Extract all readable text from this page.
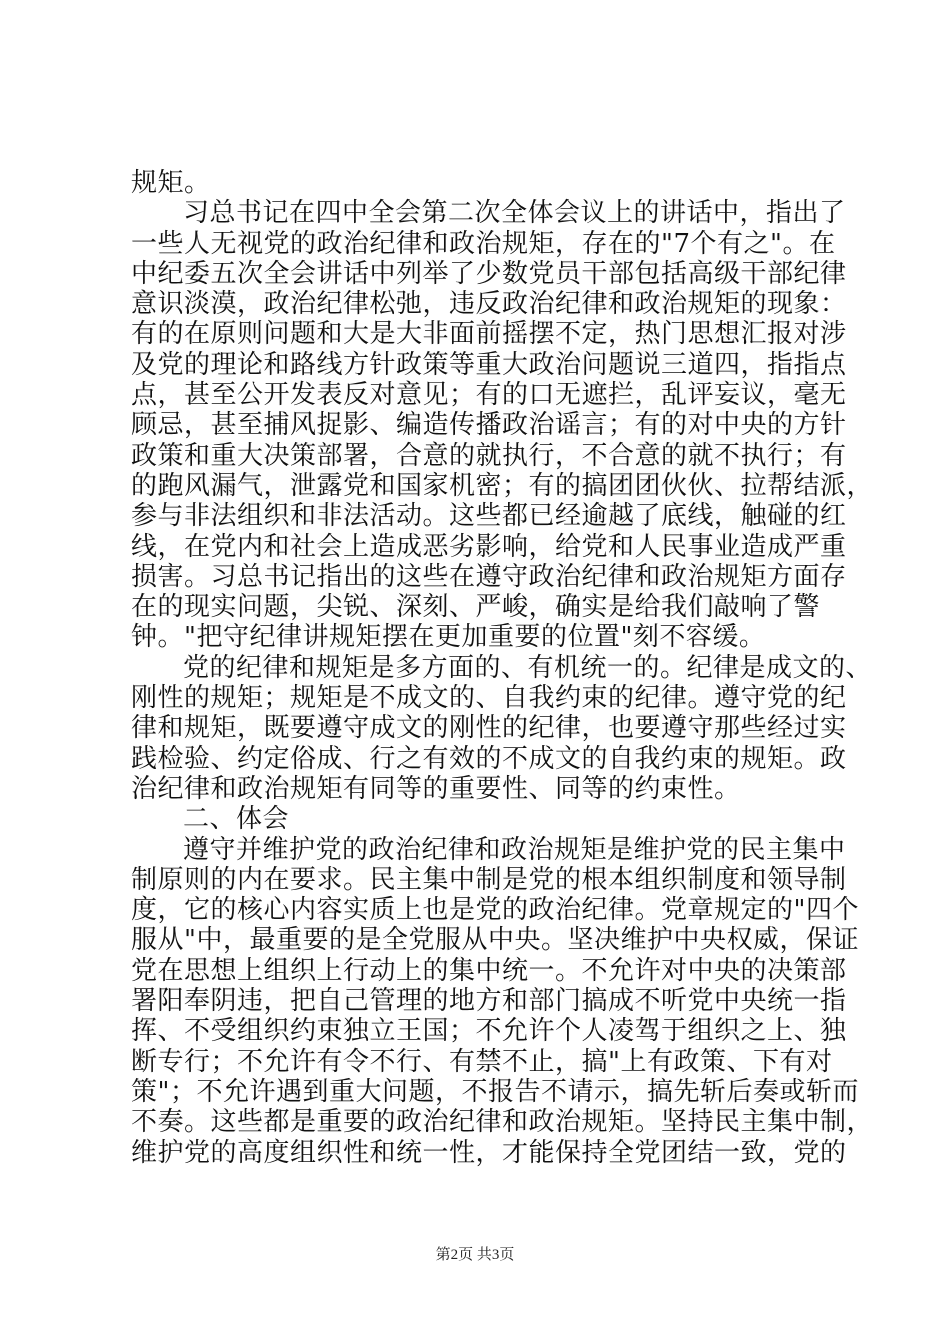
规矩。
习总书记在四中全会第二次全体会议上的讲话中，指出了
一些人无视党的政治纪律和政治规矩，存在的"7个有之"。在
中纪委五次全会讲话中列举了少数党员干部包括高级干部纪律
意识淡漠，政治纪律松弛，违反政治纪律和政治规矩的现象：
有的在原则问题和大是大非面前摇摆不定，热门思想汇报对涉
及党的理论和路线方针政策等重大政治问题说三道四，指指点
点，甚至公开发表反对意见；有的口无遮拦，乱评妄议，毫无
顾忌，甚至捕风捉影、编造传播政治谣言；有的对中央的方针
政策和重大决策部署，合意的就执行，不合意的就不执行；有
的跑风漏气，泄露党和国家机密；有的搞团团伙伙、拉帮结派，
参与非法组织和非法活动。这些都已经逾越了底线，触碰的红
线，在党内和社会上造成恶劣影响，给党和人民事业造成严重
损害。习总书记指出的这些在遵守政治纪律和政治规矩方面存
在的现实问题，尖锐、深刻、严峻，确实是给我们敲响了警
钟。"把守纪律讲规矩摆在更加重要的位置"刻不容缓。
党的纪律和规矩是多方面的、有机统一的。纪律是成文的、
刚性的规矩；规矩是不成文的、自我约束的纪律。遵守党的纪
律和规矩，既要遵守成文的刚性的纪律，也要遵守那些经过实
践检验、约定俗成、行之有效的不成文的自我约束的规矩。政
治纪律和政治规矩有同等的重要性、同等的约束性。
二、体会
遵守并维护党的政治纪律和政治规矩是维护党的民主集中
制原则的内在要求。民主集中制是党的根本组织制度和领导制
度，它的核心内容实质上也是党的政治纪律。党章规定的"四个
服从"中，最重要的是全党服从中央。坚决维护中央权威，保证
党在思想上组织上行动上的集中统一。不允许对中央的决策部
署阳奉阴违，把自己管理的地方和部门搞成不听党中央统一指
挥、不受组织约束独立王国；不允许个人凌驾于组织之上、独
断专行；不允许有令不行、有禁不止，搞"上有政策、下有对
策"；不允许遇到重大问题，不报告不请示，搞先斩后奏或斩而
不奏。这些都是重要的政治纪律和政治规矩。坚持民主集中制，
维护党的高度组织性和统一性，才能保持全党团结一致，党的
第2页 共3页
